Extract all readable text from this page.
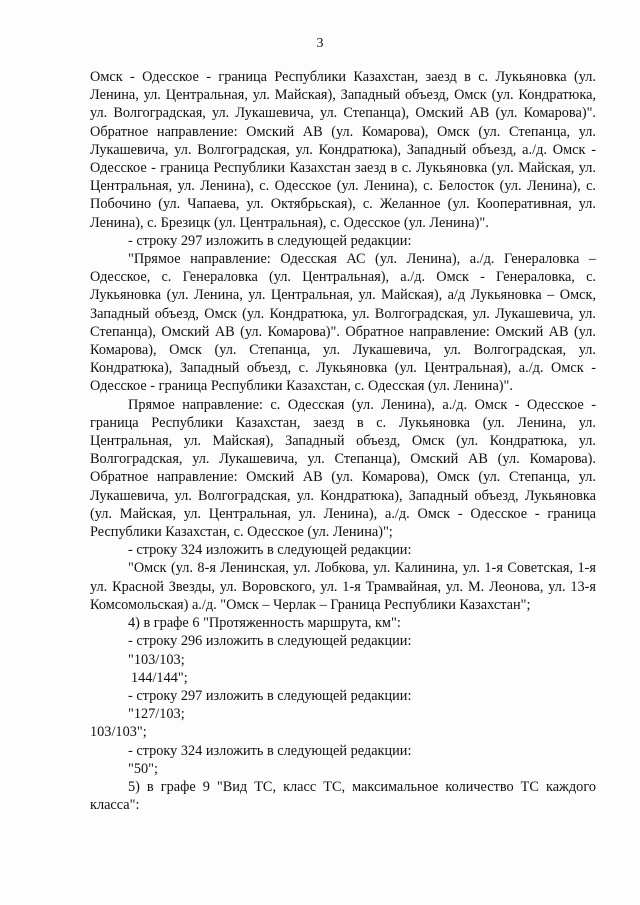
3

Омск - Одесское - граница Республики Казахстан, заезд в с. Лукьяновка (ул. Ленина, ул. Центральная, ул. Майская), Западный объезд, Омск (ул. Кондратюка, ул. Волгоградская, ул. Лукашевича, ул. Степанца), Омский АВ (ул. Комарова)". Обратное направление: Омский АВ (ул. Комарова), Омск (ул. Степанца, ул. Лукашевича, ул. Волгоградская, ул. Кондратюка), Западный объезд, а./д. Омск - Одесское - граница Республики Казахстан заезд в с. Лукьяновка (ул. Майская, ул. Центральная, ул. Ленина), с. Одесское (ул. Ленина), с. Белосток (ул. Ленина), с. Побочино (ул. Чапаева, ул. Октябрьская), с. Желанное (ул. Кооперативная, ул. Ленина), с. Брезицк (ул. Центральная), с. Одесское (ул. Ленина)".

- строку 297 изложить в следующей редакции:

"Прямое направление: Одесская АС (ул. Ленина), а./д. Генераловка – Одесское, с. Генераловка (ул. Центральная), а./д. Омск - Генераловка, с. Лукьяновка (ул. Ленина, ул. Центральная, ул. Майская), а/д Лукьяновка – Омск, Западный объезд, Омск (ул. Кондратюка, ул. Волгоградская, ул. Лукашевича, ул. Степанца), Омский АВ (ул. Комарова)". Обратное направление: Омский АВ (ул. Комарова), Омск (ул. Степанца, ул. Лукашевича, ул. Волгоградская, ул. Кондратюка), Западный объезд, с. Лукьяновка (ул. Центральная), а./д. Омск - Одесское - граница Республики Казахстан, с. Одесская (ул. Ленина)".

Прямое направление: с. Одесская (ул. Ленина), а./д. Омск - Одесское - граница Республики Казахстан, заезд в с. Лукьяновка (ул. Ленина, ул. Центральная, ул. Майская), Западный объезд, Омск (ул. Кондратюка, ул. Волгоградская, ул. Лукашевича, ул. Степанца), Омский АВ (ул. Комарова). Обратное направление: Омский АВ (ул. Комарова), Омск (ул. Степанца, ул. Лукашевича, ул. Волгоградская, ул. Кондратюка), Западный объезд, Лукьяновка (ул. Майская, ул. Центральная, ул. Ленина), а./д. Омск - Одесское - граница Республики Казахстан, с. Одесское (ул. Ленина)";

- строку 324 изложить в следующей редакции:

"Омск (ул. 8-я Ленинская, ул. Лобкова, ул. Калинина, ул. 1-я Советская, 1-я ул. Красной Звезды, ул. Воровского, ул. 1-я Трамвайная, ул. М. Леонова, ул. 13-я Комсомольская) а./д. "Омск – Черлак – Граница Республики Казахстан";

4) в графе 6 "Протяженность маршрута, км":

- строку 296 изложить в следующей редакции:

"103/103;

144/144";

- строку 297 изложить в следующей редакции:

"127/103;

103/103";

- строку 324 изложить в следующей редакции:

"50";

5) в графе 9 "Вид ТС, класс ТС, максимальное количество ТС каждого класса":
